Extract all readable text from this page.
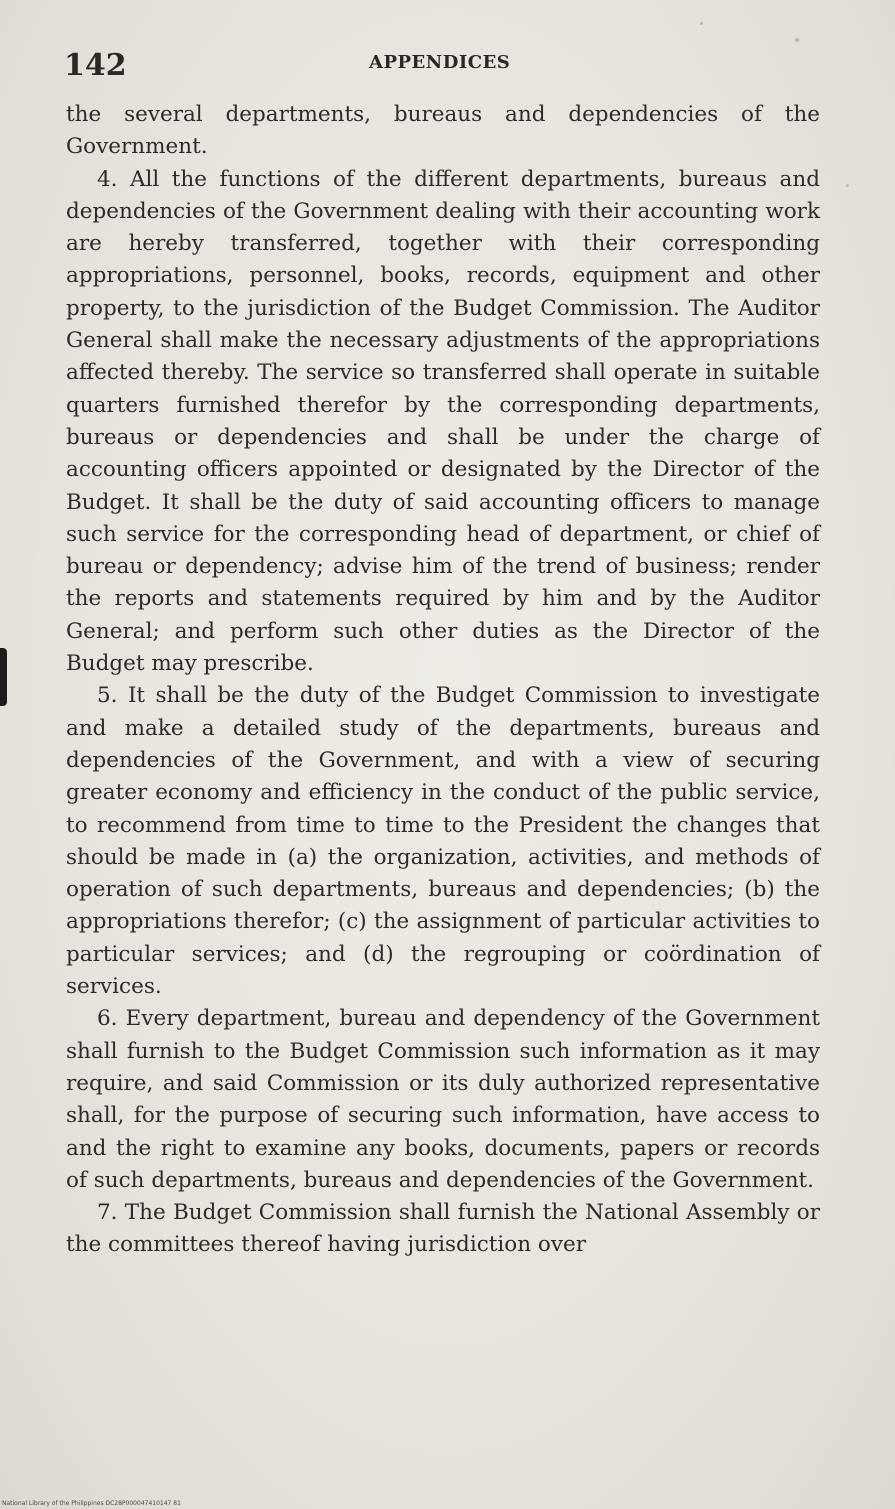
142	APPENDICES

the several departments, bureaus and dependencies of the Government.

4. All the functions of the different departments, bureaus and dependencies of the Government dealing with their accounting work are hereby transferred, together with their corresponding appropriations, personnel, books, records, equipment and other property, to the jurisdiction of the Budget Commission. The Auditor General shall make the necessary adjustments of the appropriations affected thereby. The service so transferred shall operate in suitable quarters furnished therefor by the corresponding departments, bureaus or dependencies and shall be under the charge of accounting officers appointed or designated by the Director of the Budget. It shall be the duty of said accounting officers to manage such service for the corresponding head of department, or chief of bureau or dependency; advise him of the trend of business; render the reports and statements required by him and by the Auditor General; and perform such other duties as the Director of the Budget may prescribe.

5. It shall be the duty of the Budget Commission to investigate and make a detailed study of the departments, bureaus and dependencies of the Government, and with a view of securing greater economy and efficiency in the conduct of the public service, to recommend from time to time to the President the changes that should be made in (a) the organization, activities, and methods of operation of such departments, bureaus and dependencies; (b) the appropriations therefor; (c) the assignment of particular activities to particular services; and (d) the regrouping or coördination of services.

6. Every department, bureau and dependency of the Government shall furnish to the Budget Commission such information as it may require, and said Commission or its duly authorized representative shall, for the purpose of securing such information, have access to and the right to examine any books, documents, papers or records of such departments, bureaus and dependencies of the Government.

7. The Budget Commission shall furnish the National Assembly or the committees thereof having jurisdiction over

National Library of the Philippines DC28P000047410147 81
